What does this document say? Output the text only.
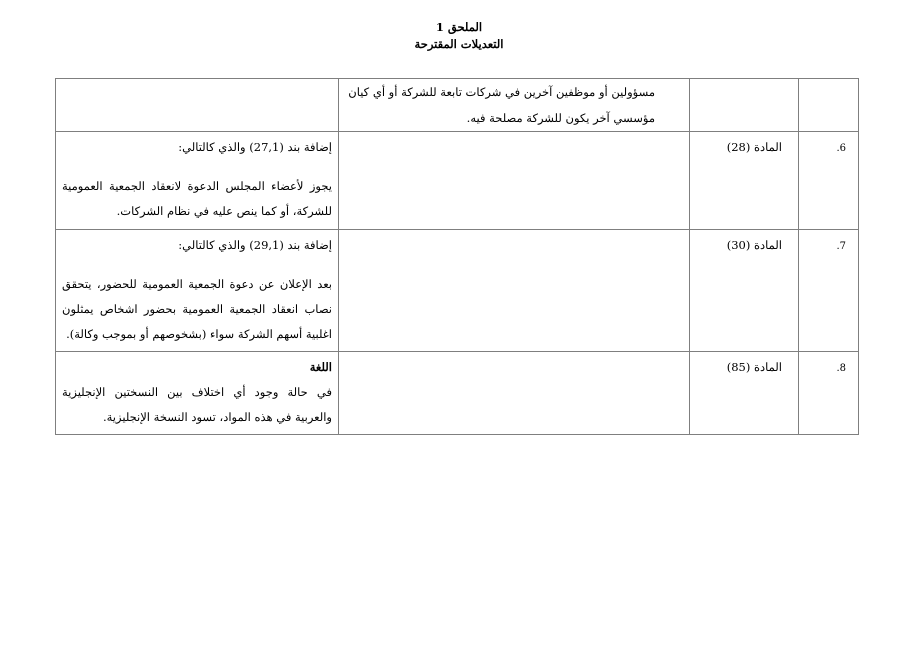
الملحق 1
التعديلات المقترحة

		مسؤولين أو موظفين آخرين في شركات تابعة للشركة أو أي كيان مؤسسي آخر يكون للشركة مصلحة فيه.	

6.	المادة (28)		إضافة بند (27,1) والذي كالتالي:
يجوز لأعضاء المجلس الدعوة لانعقاد الجمعية العمومية للشركة، أو كما ينص عليه في نظام الشركات.

7.	المادة (30)		إضافة بند (29,1) والذي كالتالي:
بعد الإعلان عن دعوة الجمعية العمومية للحضور، يتحقق نصاب انعقاد الجمعية العمومية بحضور اشخاص يمثلون اغلبية أسهم الشركة سواء (بشخوصهم أو بموجب وكالة).

8.	المادة (85)		اللغة
في حالة وجود أي اختلاف بين النسختين الإنجليزية والعربية في هذه المواد، تسود النسخة الإنجليزية.
